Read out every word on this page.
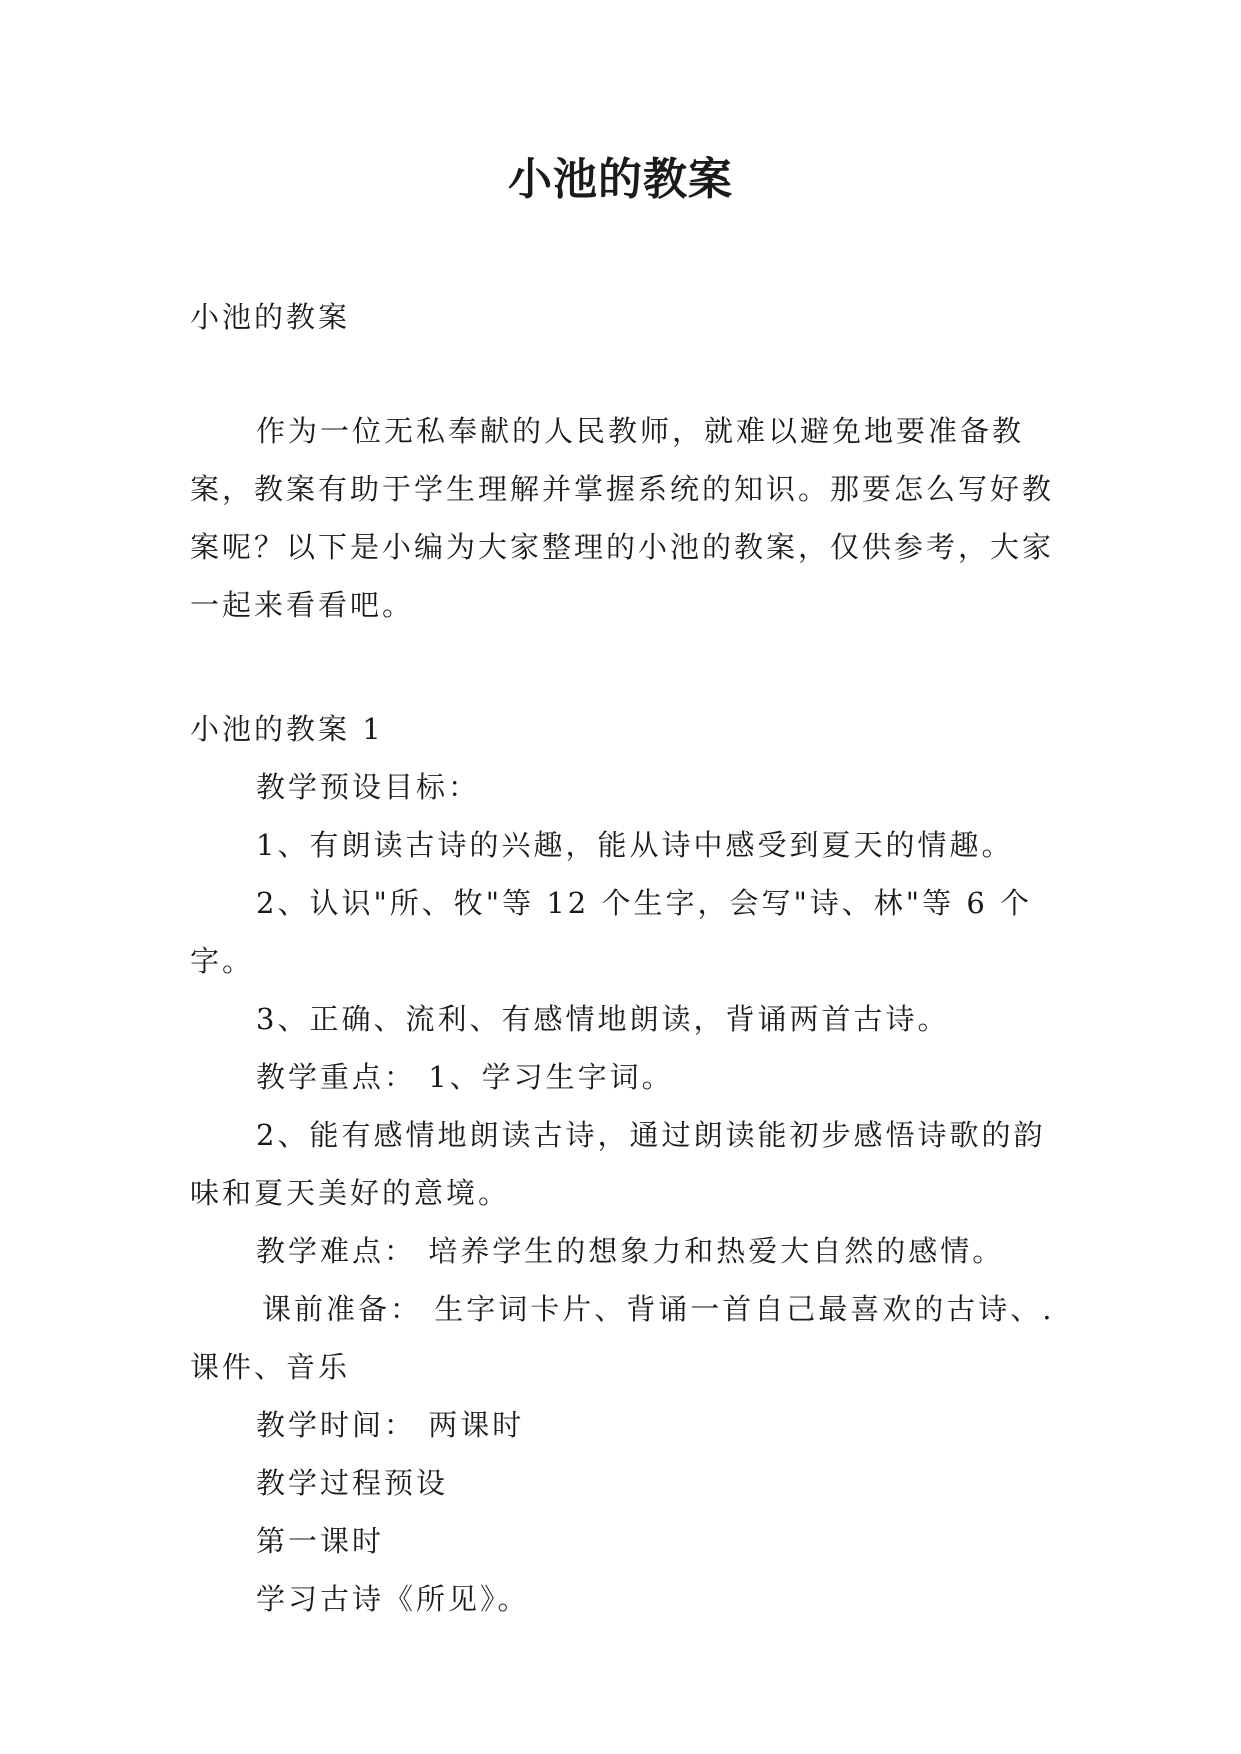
小池的教案
小池的教案
作为一位无私奉献的人民教师，就难以避免地要准备教案，教案有助于学生理解并掌握系统的知识。那要怎么写好教案呢？以下是小编为大家整理的小池的教案，仅供参考，大家一起来看看吧。

小池的教案 1

教学预设目标：

1、有朗读古诗的兴趣，能从诗中感受到夏天的情趣。

2、认识"所、牧"等 12 个生字，会写"诗、林"等 6 个字。

3、正确、流利、有感情地朗读，背诵两首古诗。

教学重点： 1、学习生字词。

2、能有感情地朗读古诗，通过朗读能初步感悟诗歌的韵味和夏天美好的意境。

教学难点： 培养学生的想象力和热爱大自然的感情。

课前准备： 生字词卡片、背诵一首自己最喜欢的古诗、.课件、音乐

教学时间： 两课时

教学过程预设

第一课时

学习古诗《所见》。
